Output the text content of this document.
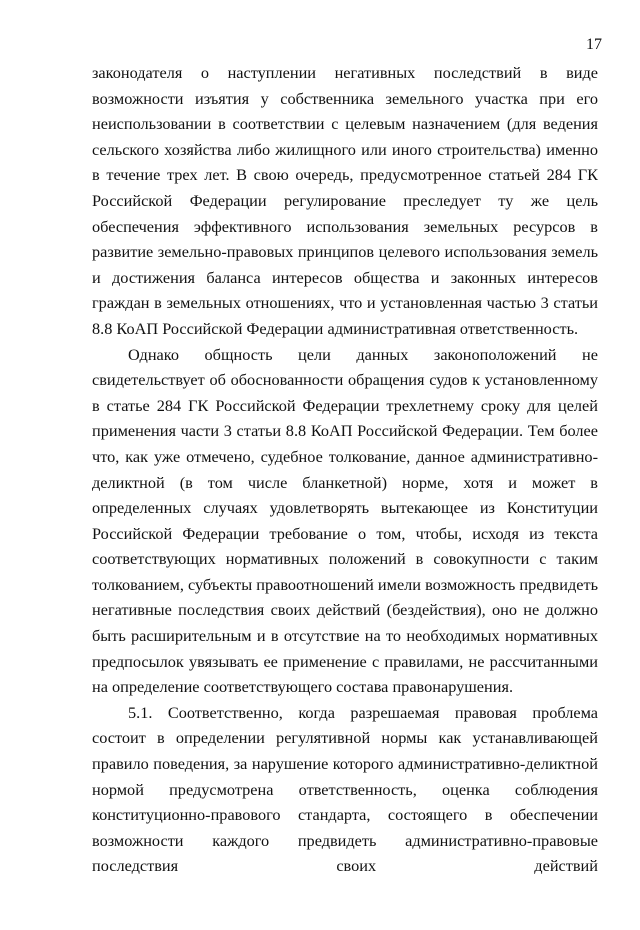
17

законодателя о наступлении негативных последствий в виде возможности изъятия у собственника земельного участка при его неиспользовании в соответствии с целевым назначением (для ведения сельского хозяйства либо жилищного или иного строительства) именно в течение трех лет. В свою очередь, предусмотренное статьей 284 ГК Российской Федерации регулирование преследует ту же цель обеспечения эффективного использования земельных ресурсов в развитие земельно-правовых принципов целевого использования земель и достижения баланса интересов общества и законных интересов граждан в земельных отношениях, что и установленная частью 3 статьи 8.8 КоАП Российской Федерации административная ответственность.

Однако общность цели данных законоположений не свидетельствует об обоснованности обращения судов к установленному в статье 284 ГК Российской Федерации трехлетнему сроку для целей применения части 3 статьи 8.8 КоАП Российской Федерации. Тем более что, как уже отмечено, судебное толкование, данное административно-деликтной (в том числе бланкетной) норме, хотя и может в определенных случаях удовлетворять вытекающее из Конституции Российской Федерации требование о том, чтобы, исходя из текста соответствующих нормативных положений в совокупности с таким толкованием, субъекты правоотношений имели возможность предвидеть негативные последствия своих действий (бездействия), оно не должно быть расширительным и в отсутствие на то необходимых нормативных предпосылок увязывать ее применение с правилами, не рассчитанными на определение соответствующего состава правонарушения.

5.1. Соответственно, когда разрешаемая правовая проблема состоит в определении регулятивной нормы как устанавливающей правило поведения, за нарушение которого административно-деликтной нормой предусмотрена ответственность, оценка соблюдения конституционно-правового стандарта, состоящего в обеспечении возможности каждого предвидеть административно-правовые последствия своих действий
